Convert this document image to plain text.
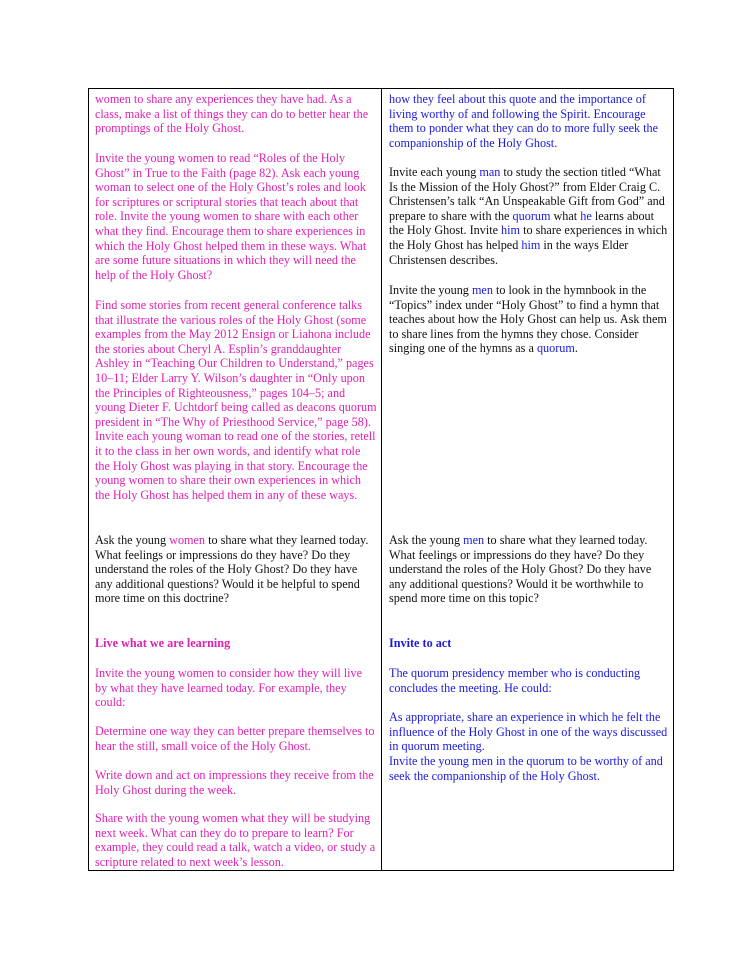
women to share any experiences they have had. As a class, make a list of things they can do to better hear the promptings of the Holy Ghost.

Invite the young women to read “Roles of the Holy Ghost” in True to the Faith (page 82). Ask each young woman to select one of the Holy Ghost’s roles and look for scriptures or scriptural stories that teach about that role. Invite the young women to share with each other what they find. Encourage them to share experiences in which the Holy Ghost helped them in these ways. What are some future situations in which they will need the help of the Holy Ghost?

Find some stories from recent general conference talks that illustrate the various roles of the Holy Ghost (some examples from the May 2012 Ensign or Liahona include the stories about Cheryl A. Esplin’s granddaughter Ashley in “Teaching Our Children to Understand,” pages 10–11; Elder Larry Y. Wilson’s daughter in “Only upon the Principles of Righteousness,” pages 104–5; and young Dieter F. Uchtdorf being called as deacons quorum president in “The Why of Priesthood Service,” page 58). Invite each young woman to read one of the stories, retell it to the class in her own words, and identify what role the Holy Ghost was playing in that story. Encourage the young women to share their own experiences in which the Holy Ghost has helped them in any of these ways.

Ask the young women to share what they learned today. What feelings or impressions do they have? Do they understand the roles of the Holy Ghost? Do they have any additional questions? Would it be helpful to spend more time on this doctrine?

Live what we are learning

Invite the young women to consider how they will live by what they have learned today. For example, they could:

Determine one way they can better prepare themselves to hear the still, small voice of the Holy Ghost.

Write down and act on impressions they receive from the Holy Ghost during the week.

Share with the young women what they will be studying next week. What can they do to prepare to learn? For example, they could read a talk, watch a video, or study a scripture related to next week’s lesson.

how they feel about this quote and the importance of living worthy of and following the Spirit. Encourage them to ponder what they can do to more fully seek the companionship of the Holy Ghost.

Invite each young man to study the section titled “What Is the Mission of the Holy Ghost?” from Elder Craig C. Christensen’s talk “An Unspeakable Gift from God” and prepare to share with the quorum what he learns about the Holy Ghost. Invite him to share experiences in which the Holy Ghost has helped him in the ways Elder Christensen describes.

Invite the young men to look in the hymnbook in the “Topics” index under “Holy Ghost” to find a hymn that teaches about how the Holy Ghost can help us. Ask them to share lines from the hymns they chose. Consider singing one of the hymns as a quorum.

Ask the young men to share what they learned today. What feelings or impressions do they have? Do they understand the roles of the Holy Ghost? Do they have any additional questions? Would it be worthwhile to spend more time on this topic?

Invite to act

The quorum presidency member who is conducting concludes the meeting. He could:

As appropriate, share an experience in which he felt the influence of the Holy Ghost in one of the ways discussed in quorum meeting.

Invite the young men in the quorum to be worthy of and seek the companionship of the Holy Ghost.
